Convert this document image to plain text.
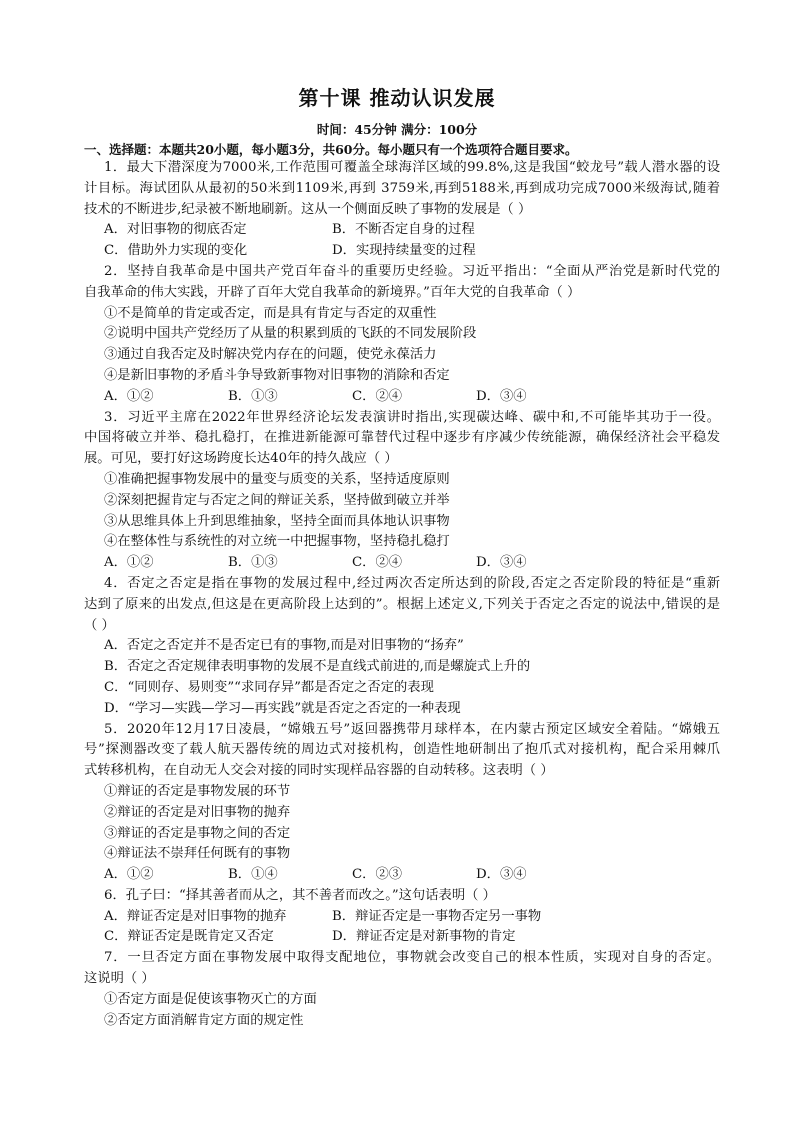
第十课 推动认识发展
时间：45分钟 满分：100分
一、选择题：本题共20小题，每小题3分，共60分。每小题只有一个选项符合题目要求。
1．最大下潜深度为7000米,工作范围可覆盖全球海洋区域的99.8%,这是我国“蛟龙号”载人潜水器的设
计目标。海试团队从最初的50米到1109米,再到 3759米,再到5188米,再到成功完成7000米级海试,随着
技术的不断进步,纪录被不断地刷新。这从一个侧面反映了事物的发展是（ ）
A．对旧事物的彻底否定	B．不断否定自身的过程
C．借助外力实现的变化	D．实现持续量变的过程
2．坚持自我革命是中国共产党百年奋斗的重要历史经验。习近平指出：“全面从严治党是新时代党的
自我革命的伟大实践，开辟了百年大党自我革命的新境界。”百年大党的自我革命（ ）
①不是简单的肯定或否定，而是具有肯定与否定的双重性
②说明中国共产党经历了从量的积累到质的飞跃的不同发展阶段
③通过自我否定及时解决党内存在的问题，使党永葆活力
④是新旧事物的矛盾斗争导致新事物对旧事物的消除和否定
A．①②	B．①③	C．②④	D．③④
3．习近平主席在2022年世界经济论坛发表演讲时指出,实现碳达峰、碳中和,不可能毕其功于一役。
中国将破立并举、稳扎稳打，在推进新能源可靠替代过程中逐步有序减少传统能源，确保经济社会平稳发
展。可见，要打好这场跨度长达40年的持久战应（ ）
①准确把握事物发展中的量变与质变的关系，坚持适度原则
②深刻把握肯定与否定之间的辩证关系，坚持做到破立并举
③从思维具体上升到思维抽象，坚持全面而具体地认识事物
④在整体性与系统性的对立统一中把握事物，坚持稳扎稳打
A．①②	B．①③	C．②④	D．③④
4．否定之否定是指在事物的发展过程中,经过两次否定所达到的阶段,否定之否定阶段的特征是“重新
达到了原来的出发点,但这是在更高阶段上达到的”。根据上述定义,下列关于否定之否定的说法中,错误的是
（ ）
A．否定之否定并不是否定已有的事物,而是对旧事物的“扬弃”
B．否定之否定规律表明事物的发展不是直线式前进的,而是螺旋式上升的
C．“同则存、易则变”“求同存异”都是否定之否定的表现
D．“学习—实践—学习—再实践”就是否定之否定的一种表现
5．2020年12月17日凌晨，“嫦娥五号”返回器携带月球样本，在内蒙古预定区域安全着陆。“嫦娥五
号”探测器改变了载人航天器传统的周边式对接机构，创造性地研制出了抱爪式对接机构，配合采用棘爪
式转移机构，在自动无人交会对接的同时实现样品容器的自动转移。这表明（ ）
①辩证的否定是事物发展的环节
②辩证的否定是对旧事物的抛弃
③辩证的否定是事物之间的否定
④辩证法不崇拜任何既有的事物
A．①②	B．①④	C．②③	D．③④
6．孔子曰：“择其善者而从之，其不善者而改之。”这句话表明（ ）
A．辩证否定是对旧事物的抛弃	B．辩证否定是一事物否定另一事物
C．辩证否定是既肯定又否定	D．辩证否定是对新事物的肯定
7．一旦否定方面在事物发展中取得支配地位，事物就会改变自己的根本性质，实现对自身的否定。
这说明（ ）
①否定方面是促使该事物灭亡的方面
②否定方面消解肯定方面的规定性
